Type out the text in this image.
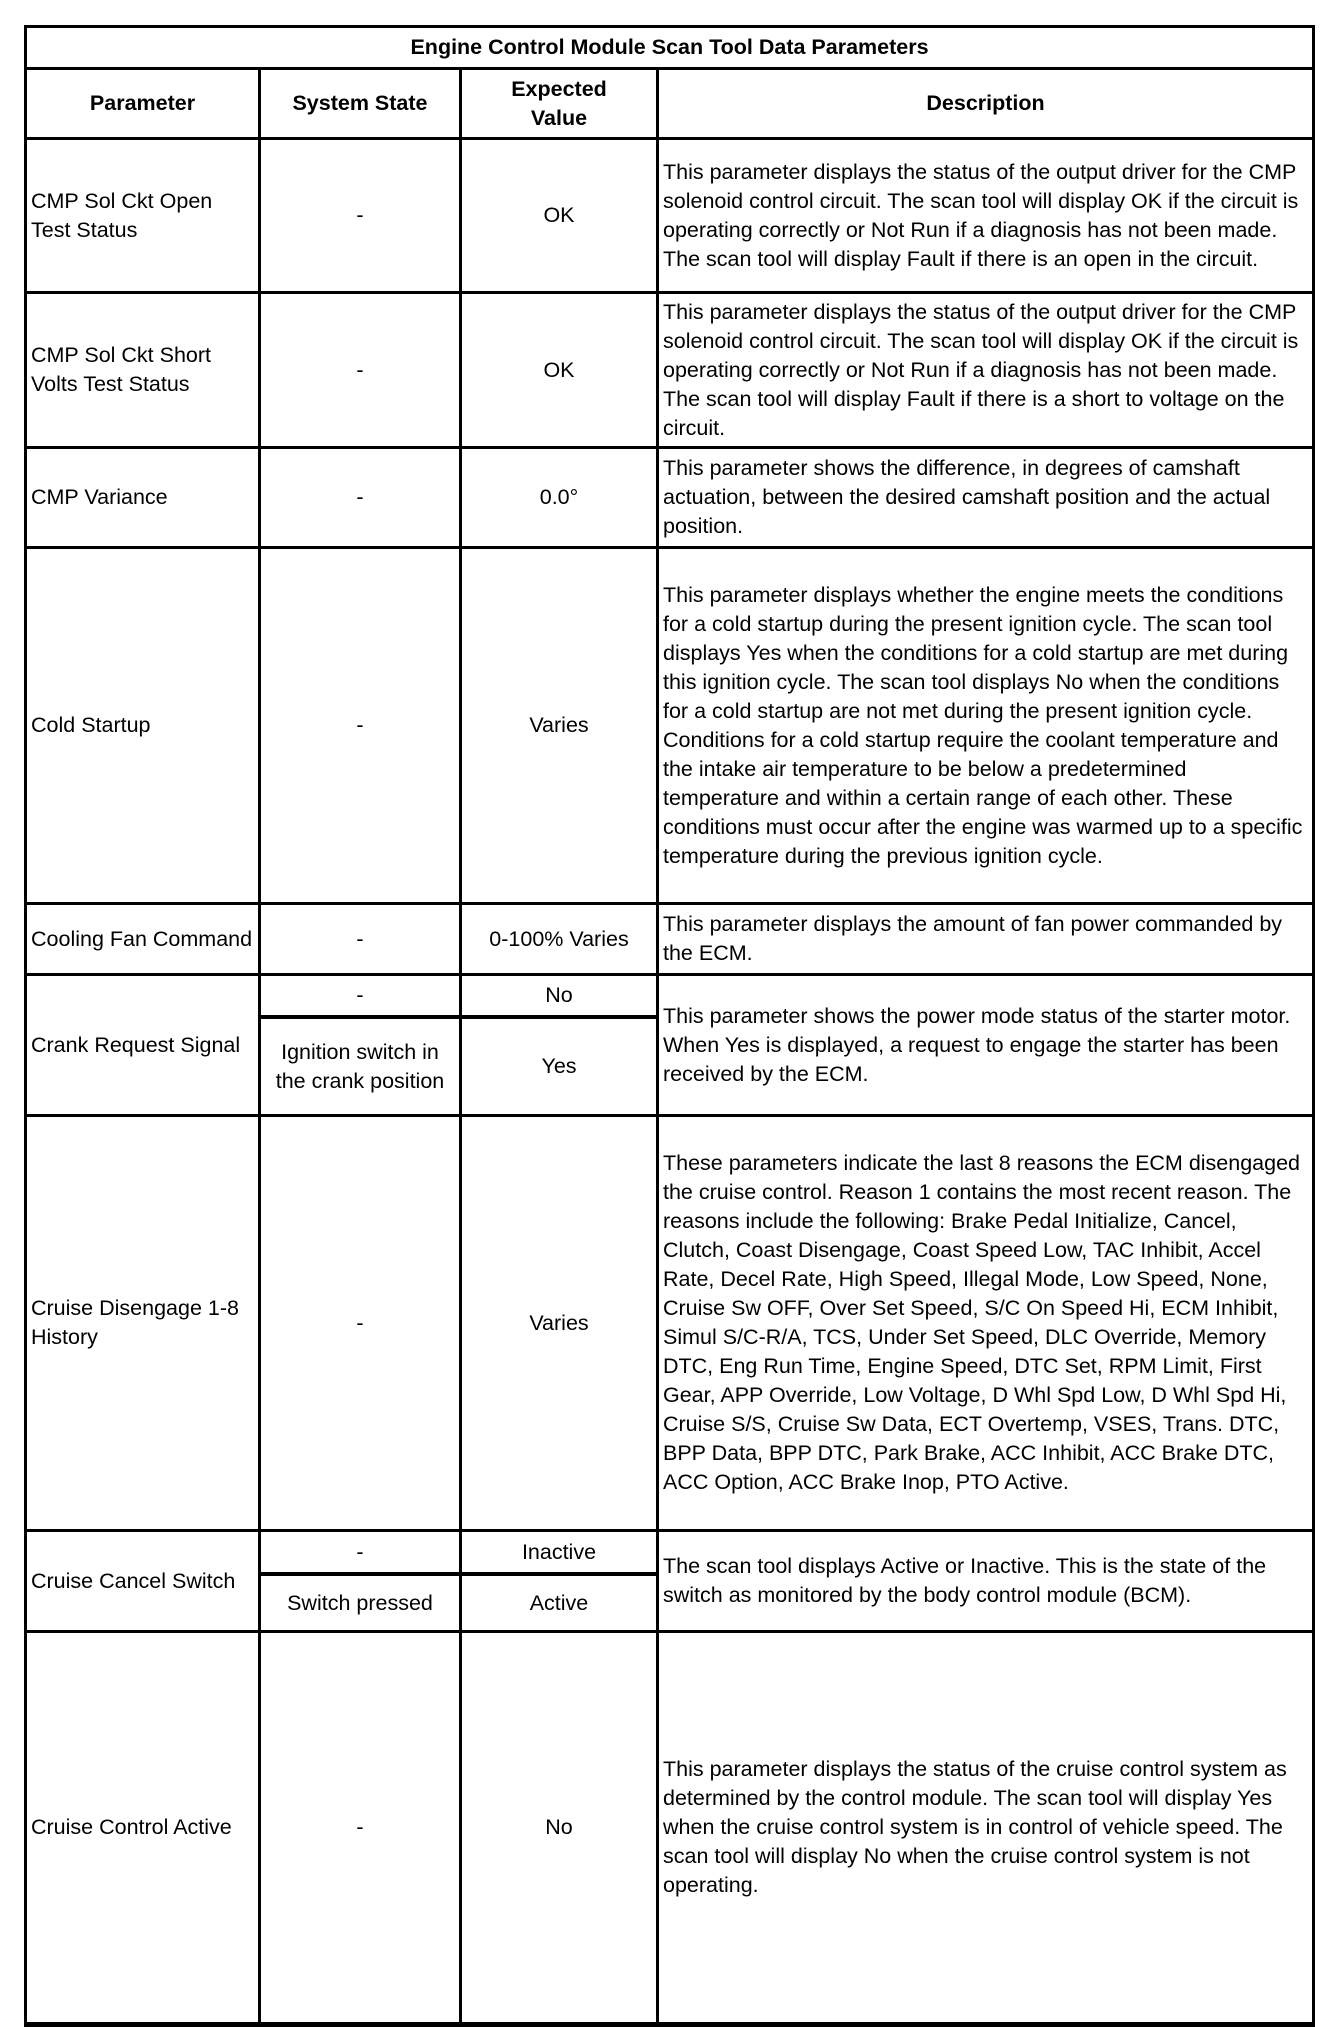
Engine Control Module Scan Tool Data Parameters			
Parameter	System State	Expected Value	Description
CMP Sol Ckt Open Test Status	-	OK	This parameter displays the status of the output driver for the CMP solenoid control circuit. The scan tool will display OK if the circuit is operating correctly or Not Run if a diagnosis has not been made. The scan tool will display Fault if there is an open in the circuit.
CMP Sol Ckt Short Volts Test Status	-	OK	This parameter displays the status of the output driver for the CMP solenoid control circuit. The scan tool will display OK if the circuit is operating correctly or Not Run if a diagnosis has not been made. The scan tool will display Fault if there is a short to voltage on the circuit.
CMP Variance	-	0.0°	This parameter shows the difference, in degrees of camshaft actuation, between the desired camshaft position and the actual position.
Cold Startup	-	Varies	This parameter displays whether the engine meets the conditions for a cold startup during the present ignition cycle. The scan tool displays Yes when the conditions for a cold startup are met during this ignition cycle. The scan tool displays No when the conditions for a cold startup are not met during the present ignition cycle. Conditions for a cold startup require the coolant temperature and the intake air temperature to be below a predetermined temperature and within a certain range of each other. These conditions must occur after the engine was warmed up to a specific temperature during the previous ignition cycle.
Cooling Fan Command	-	0-100% Varies	This parameter displays the amount of fan power commanded by the ECM.
Crank Request Signal	-	No	This parameter shows the power mode status of the starter motor. When Yes is displayed, a request to engage the starter has been received by the ECM.
	Ignition switch in the crank position	Yes	
Cruise Disengage 1-8 History	-	Varies	These parameters indicate the last 8 reasons the ECM disengaged the cruise control. Reason 1 contains the most recent reason. The reasons include the following: Brake Pedal Initialize, Cancel, Clutch, Coast Disengage, Coast Speed Low, TAC Inhibit, Accel Rate, Decel Rate, High Speed, Illegal Mode, Low Speed, None, Cruise Sw OFF, Over Set Speed, S/C On Speed Hi, ECM Inhibit, Simul S/C-R/A, TCS, Under Set Speed, DLC Override, Memory DTC, Eng Run Time, Engine Speed, DTC Set, RPM Limit, First Gear, APP Override, Low Voltage, D Whl Spd Low, D Whl Spd Hi, Cruise S/S, Cruise Sw Data, ECT Overtemp, VSES, Trans. DTC, BPP Data, BPP DTC, Park Brake, ACC Inhibit, ACC Brake DTC, ACC Option, ACC Brake Inop, PTO Active.
Cruise Cancel Switch	-	Inactive	The scan tool displays Active or Inactive. This is the state of the switch as monitored by the body control module (BCM).
	Switch pressed	Active	
Cruise Control Active	-	No	This parameter displays the status of the cruise control system as determined by the control module. The scan tool will display Yes when the cruise control system is in control of vehicle speed. The scan tool will display No when the cruise control system is not operating.
